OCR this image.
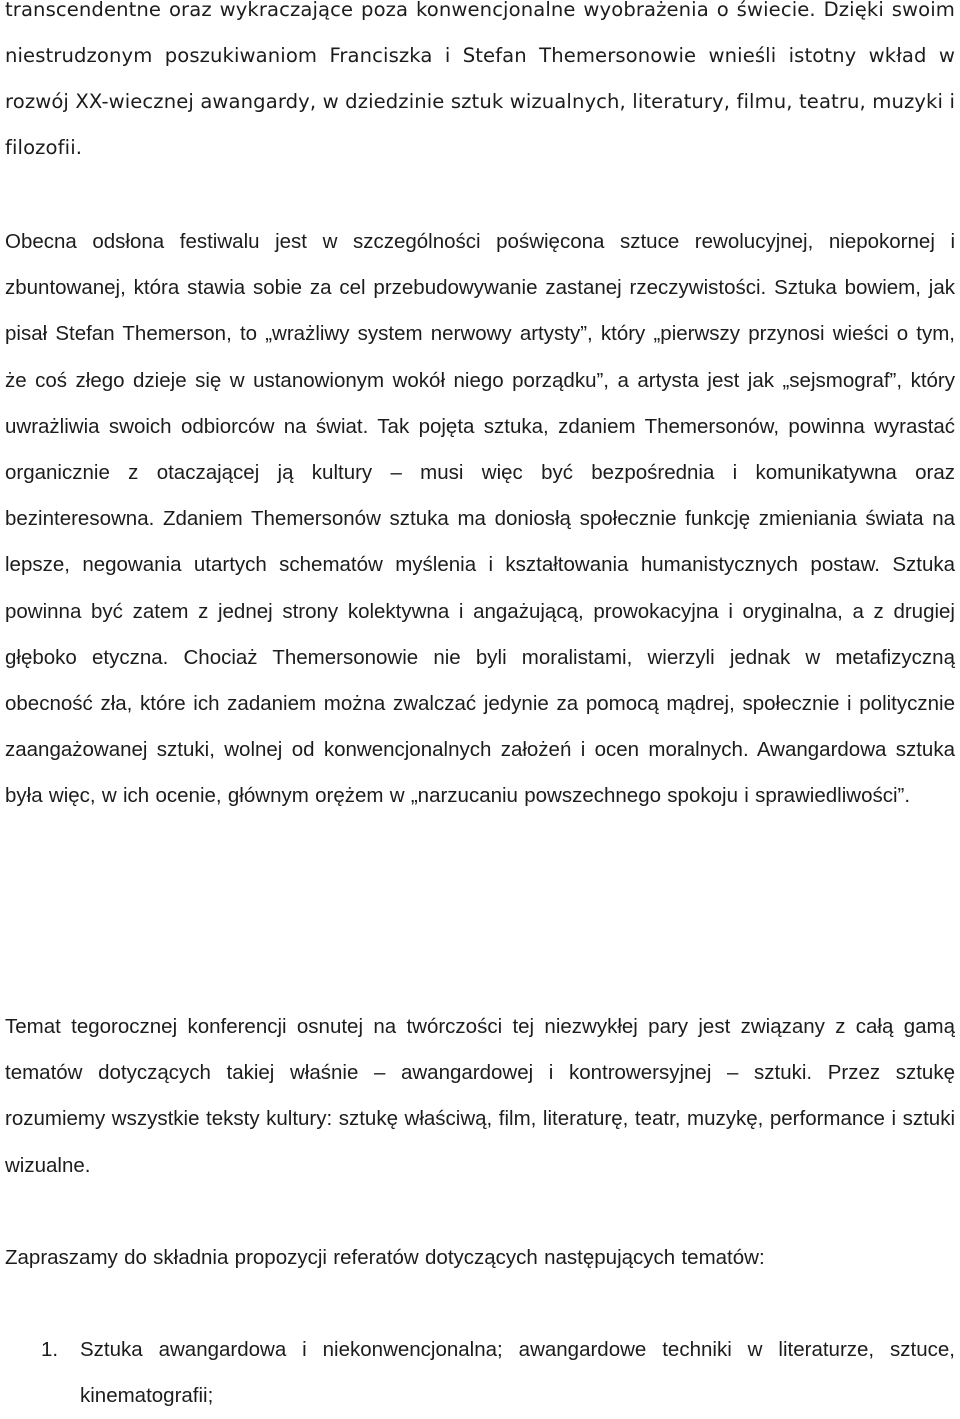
transcendentne oraz wykraczające poza konwencjonalne wyobrażenia o świecie. Dzięki swoim niestrudzonym poszukiwaniom Franciszka i Stefan Themersonowie wnieśli istotny wkład w rozwój XX-wiecznej awangardy, w dziedzinie sztuk wizualnych, literatury, filmu, teatru, muzyki i filozofii.

Obecna odsłona festiwalu jest w szczególności poświęcona sztuce rewolucyjnej, niepokornej i zbuntowanej, która stawia sobie za cel przebudowywanie zastanej rzeczywistości. Sztuka bowiem, jak pisał Stefan Themerson, to „wrażliwy system nerwowy artysty”, który „pierwszy przynosi wieści o tym, że coś złego dzieje się w ustanowionym wokół niego porządku”, a artysta jest jak „sejsmograf”, który uwrażliwia swoich odbiorców na świat. Tak pojęta sztuka, zdaniem Themersonów, powinna wyrastać organicznie z otaczającej ją kultury – musi więc być bezpośrednia i komunikatywna oraz bezinteresowna. Zdaniem Themersonów sztuka ma doniosłą społecznie funkcję zmieniania świata na lepsze, negowania utartych schematów myślenia i kształtowania humanistycznych postaw. Sztuka powinna być zatem z jednej strony kolektywna i angażującą, prowokacyjna i oryginalna, a z drugiej głęboko etyczna. Chociaż Themersonowie nie byli moralistami, wierzyli jednak w metafizyczną obecność zła, które ich zadaniem można zwalczać jedynie za pomocą mądrej, społecznie i politycznie zaangażowanej sztuki, wolnej od konwencjonalnych założeń i ocen moralnych. Awangardowa sztuka była więc, w ich ocenie, głównym orężem w „narzucaniu powszechnego spokoju i sprawiedliwości”.

Temat tegorocznej konferencji osnutej na twórczości tej niezwykłej pary jest związany z całą gamą tematów dotyczących takiej właśnie – awangardowej i kontrowersyjnej – sztuki. Przez sztukę rozumiemy wszystkie teksty kultury: sztukę właściwą, film, literaturę, teatr, muzykę, performance i sztuki wizualne.

Zapraszamy do składnia propozycji referatów dotyczących następujących tematów:

1. Sztuka awangardowa i niekonwencjonalna; awangardowe techniki w literaturze, sztuce, kinematografii;
